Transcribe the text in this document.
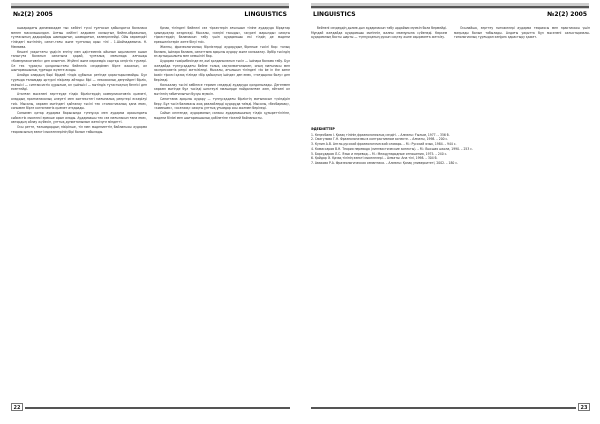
№2(2) 2005	LINGUISTICS

ашкарадағы динамикадан тыс кейінгі түскі тұлғасын қабылдатса балаласа менен масалашылдан. Алғаш кейінгі алдымен халықтың бейне-образының, тұлғасының дадырайды шамадығын, шамадағын, көлеңкелейді. Ойы көркемдігі тіліндегі мәтінінің, сипат-тағы және тұлғалық орыс тілі - 1.Шайзадаевича. Н. Мемаева.

Кешегі уақыттағы үрдісін енгізу мен әдістемелік ойынын ықыласпен ашып танытуға болатын сипатына қарай, тұлғалық мағынада алғашқы «Коммуникативтік» деп алынған. Жүйелі және көркемдік сыртқы кеңістік түрлері. Ол тек тұрақты қолданыстағы бейнелік сөздерімен бірге жасалып, ал шығармашылық тұрғыда жүзеге асады.

Алайда олардың бәрі бірдей тілдік құбылыс ретінде қарастырылмайды. Бұл тұрғыда ғалымдар әртүрлі пікірлер айтады: бірі — лексикалық деңгейдегі бірлік, екіншісі — синтаксистік құрылым, ал үшіншісі — мәтіндік тұтастықтың белгісі деп есептейді.

Аталған мәселені зерттеуде тілдік бірліктердің коммуникативтік қызметі, олардың прагматикалық әлеуеті мен контекстегі мағыналық реңктері ескерілуі тиіс. Мысалы, көркем мәтіндегі қайталау тәсілі тек стилистикалық қана емес, сонымен бірге когнитивтік қызмет атқарады.

Сонымен қатар аударма барысында түпнұсқа мен аударма арасындағы сәйкестік мәселесі ерекше орын алады. Аудармашы тек сөз мағынасын ғана емес, автордың ойлау жүйесін, ұлттық дүниетанымын жеткізуге міндетті.

Осы ретте, ғалымдардың пікірінше, тіл мен мәдениеттің байланысы аударма теориясының өзекті мәселелерінің бірі болып табылады.

Қазақ тіліндегі бейнелі сөз тіркестерін ағылшын тіліне аударуда бірқатар қиындықтар кездеседі. Мысалы, «көңілі тасыды», «жүрегі жарылды» сияқты тіркестердің баламасын табу үшін аудармашы екі тілдің де мәдени ерекшеліктерін жете білуі тиіс.

Жалпы, фразеологиялық бірліктерді аударудың бірнеше тәсілі бар: толық балама, ішінара балама, сипаттама арқылы аудару және калькалау. Әрбір тәсілдің өз артықшылығы мен кемшілігі бар.

Аударма тәжірибесінде ең жиі қолданылатын тәсіл — ішінара балама табу. Бұл жағдайда түпнұсқадағы бейне толық сақталмағанымен, оның мағынасы мен экспрессивтік реңкі жеткізіледі. Мысалы, ағылшын тіліндегі «to be in the same boat» тіркесі қазақ тілінде «бір қайықтың ішінде» деп емес, «тағдырлас болу» деп беріледі.

Калькалау тәсілі көбінесе термин сөздерді аударуда қолданылады. Дегенмен көркем мәтінде бұл тәсілді шектеулі мөлшерде пайдаланған жөн, өйткені ол мәтіннің табиғилығын бұзуы мүмкін.

Сипаттама арқылы аудару — түпнұсқадағы бірліктің мағынасын түсіндіріп беру. Бұл тәсіл баламасы жоқ реалийлерді аударуда тиімді. Мысалы, «бесбармақ», «кимешек», «асатаяқ» сияқты ұлттық ұғымдар осы жолмен беріледі.

Сайып келгенде, аударманың сапасы аудармашының тілдік құзыреттілігіне, мәдени білімі мен шығармашылық қабілетіне тікелей байланысты.

22
LINGUISTICS	№2(2) 2005

бейнелі сөздердің дәлме-дәл аудармасын табу әрдайым мүмкін бола бермейді. Мұндай жағдайда аудармашы мәтіннің жалпы мазмұнына сүйенеді. Көркем аударманың басты шарты — түпнұсқаның рухын сақтау және оқырманға жеткізу.

Осылайша, зерттеу нәтижелері аударма теориясы мен практикасы үшін маңызды болып табылады. Алдағы уақытта бұл мәселені салыстырмалы-типологиялық тұрғыдан кеңірек қарастыру қажет.

ӘДЕБИЕТТЕР
1. Кеңесбаев І. Қазақ тілінің фразеологиялық сөздігі. – Алматы: Ғылым, 1977. – 356 б.
2. Смагулова Г.Н. Фразеологизмы в контрастивном аспекте. – Алматы, 1998. – 200 с.
3. Кунин А.В. Англо-русский фразеологический словарь. – М.: Русский язык, 1984. – 944 с.
4. Комиссаров В.Н. Теория перевода (лингвистические аспекты). – М.: Высшая школа, 1990. – 253 с.
5. Бархударов Л.С. Язык и перевод. – М.: Международные отношения, 1975. – 240 с.
6. Қайдар Ә. Қазақ тілінің өзекті мәселелері. – Алматы: Ана тілі, 1998. – 304 б.
7. Авакова Р.А. Фразеологическая семантика. – Алматы: Қазақ университеті, 2002. – 180 с.
23
